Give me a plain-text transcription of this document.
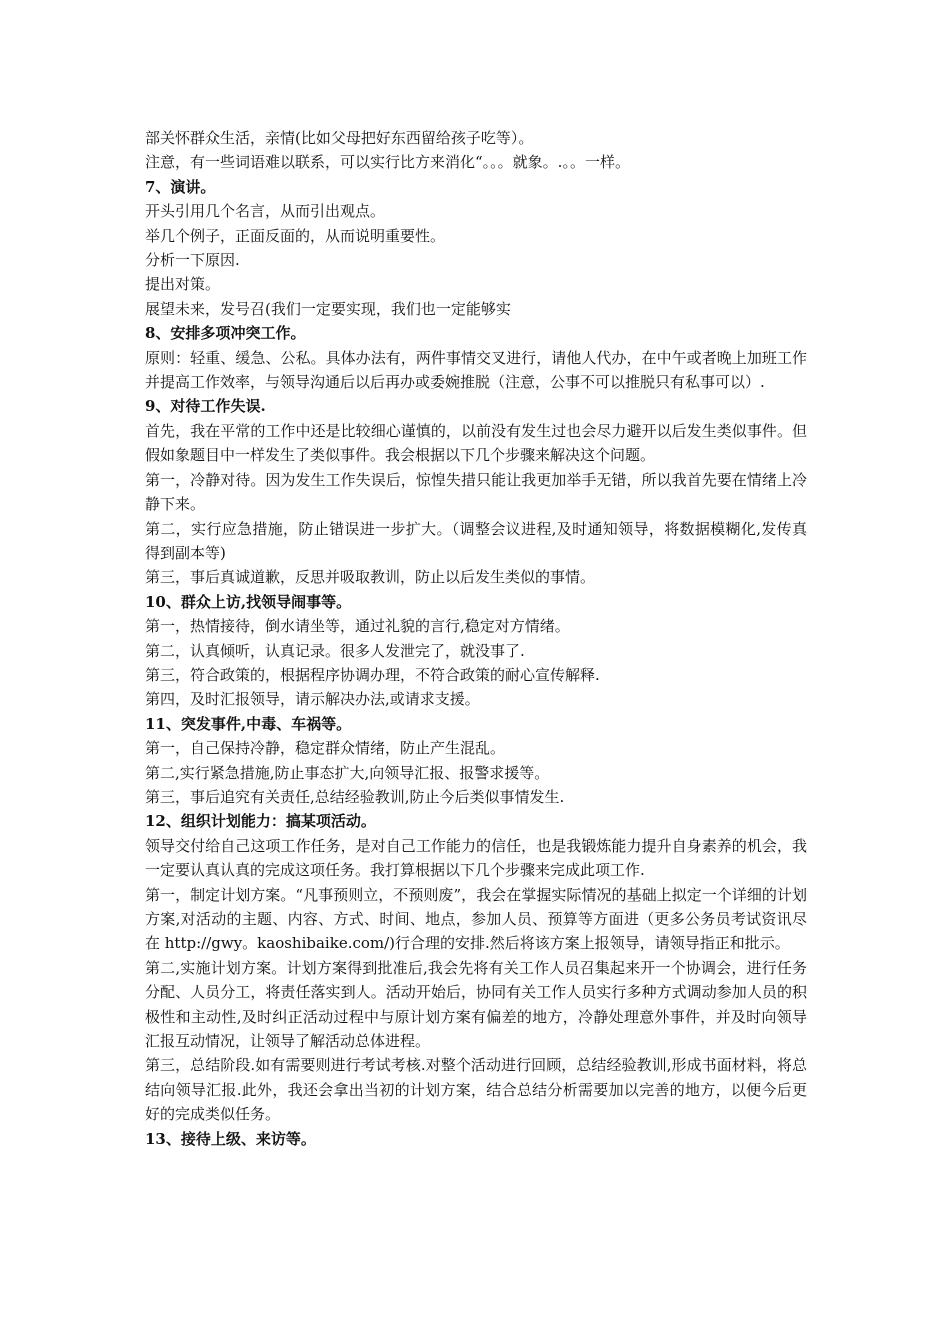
部关怀群众生活，亲情(比如父母把好东西留给孩子吃等）。
注意，有一些词语难以联系，可以实行比方来消化“。。。就象。.。。一样。
7、演讲。
开头引用几个名言，从而引出观点。
举几个例子，正面反面的，从而说明重要性。
分析一下原因.
提出对策。
展望未来，发号召(我们一定要实现，我们也一定能够实
8、安排多项冲突工作。
原则：轻重、缓急、公私。具体办法有，两件事情交叉进行，请他人代办，在中午或者晚上加班工作并提高工作效率，与领导沟通后以后再办或委婉推脱（注意，公事不可以推脱只有私事可以）.
9、对待工作失误.
首先，我在平常的工作中还是比较细心谨慎的，以前没有发生过也会尽力避开以后发生类似事件。但假如象题目中一样发生了类似事件。我会根据以下几个步骤来解决这个问题。
第一，冷静对待。因为发生工作失误后，惊惶失措只能让我更加举手无错，所以我首先要在情绪上冷静下来。
第二，实行应急措施，防止错误进一步扩大。（调整会议进程,及时通知领导，将数据模糊化,发传真得到副本等)
第三，事后真诚道歉，反思并吸取教训，防止以后发生类似的事情。
10、群众上访,找领导闹事等。
第一，热情接待，倒水请坐等，通过礼貌的言行,稳定对方情绪。
第二，认真倾听，认真记录。很多人发泄完了，就没事了.
第三，符合政策的，根据程序协调办理，不符合政策的耐心宣传解释.
第四，及时汇报领导，请示解决办法,或请求支援。
11、突发事件,中毒、车祸等。
第一，自己保持冷静，稳定群众情绪，防止产生混乱。
第二,实行紧急措施,防止事态扩大,向领导汇报、报警求援等。
第三，事后追究有关责任,总结经验教训,防止今后类似事情发生.
12、组织计划能力：搞某项活动。
领导交付给自己这项工作任务，是对自己工作能力的信任，也是我锻炼能力提升自身素养的机会，我一定要认真认真的完成这项任务。我打算根据以下几个步骤来完成此项工作.
第一，制定计划方案。“凡事预则立，不预则废”，我会在掌握实际情况的基础上拟定一个详细的计划方案,对活动的主题、内容、方式、时间、地点，参加人员、预算等方面进（更多公务员考试资讯尽在 http://gwy。kaoshibaike.com/)行合理的安排.然后将该方案上报领导，请领导指正和批示。
第二,实施计划方案。计划方案得到批准后,我会先将有关工作人员召集起来开一个协调会，进行任务分配、人员分工，将责任落实到人。活动开始后，协同有关工作人员实行多种方式调动参加人员的积极性和主动性,及时纠正活动过程中与原计划方案有偏差的地方，冷静处理意外事件，并及时向领导汇报互动情况，让领导了解活动总体进程。
第三，总结阶段.如有需要则进行考试考核.对整个活动进行回顾，总结经验教训,形成书面材料，将总结向领导汇报.此外，我还会拿出当初的计划方案，结合总结分析需要加以完善的地方，以便今后更好的完成类似任务。
13、接待上级、来访等。
